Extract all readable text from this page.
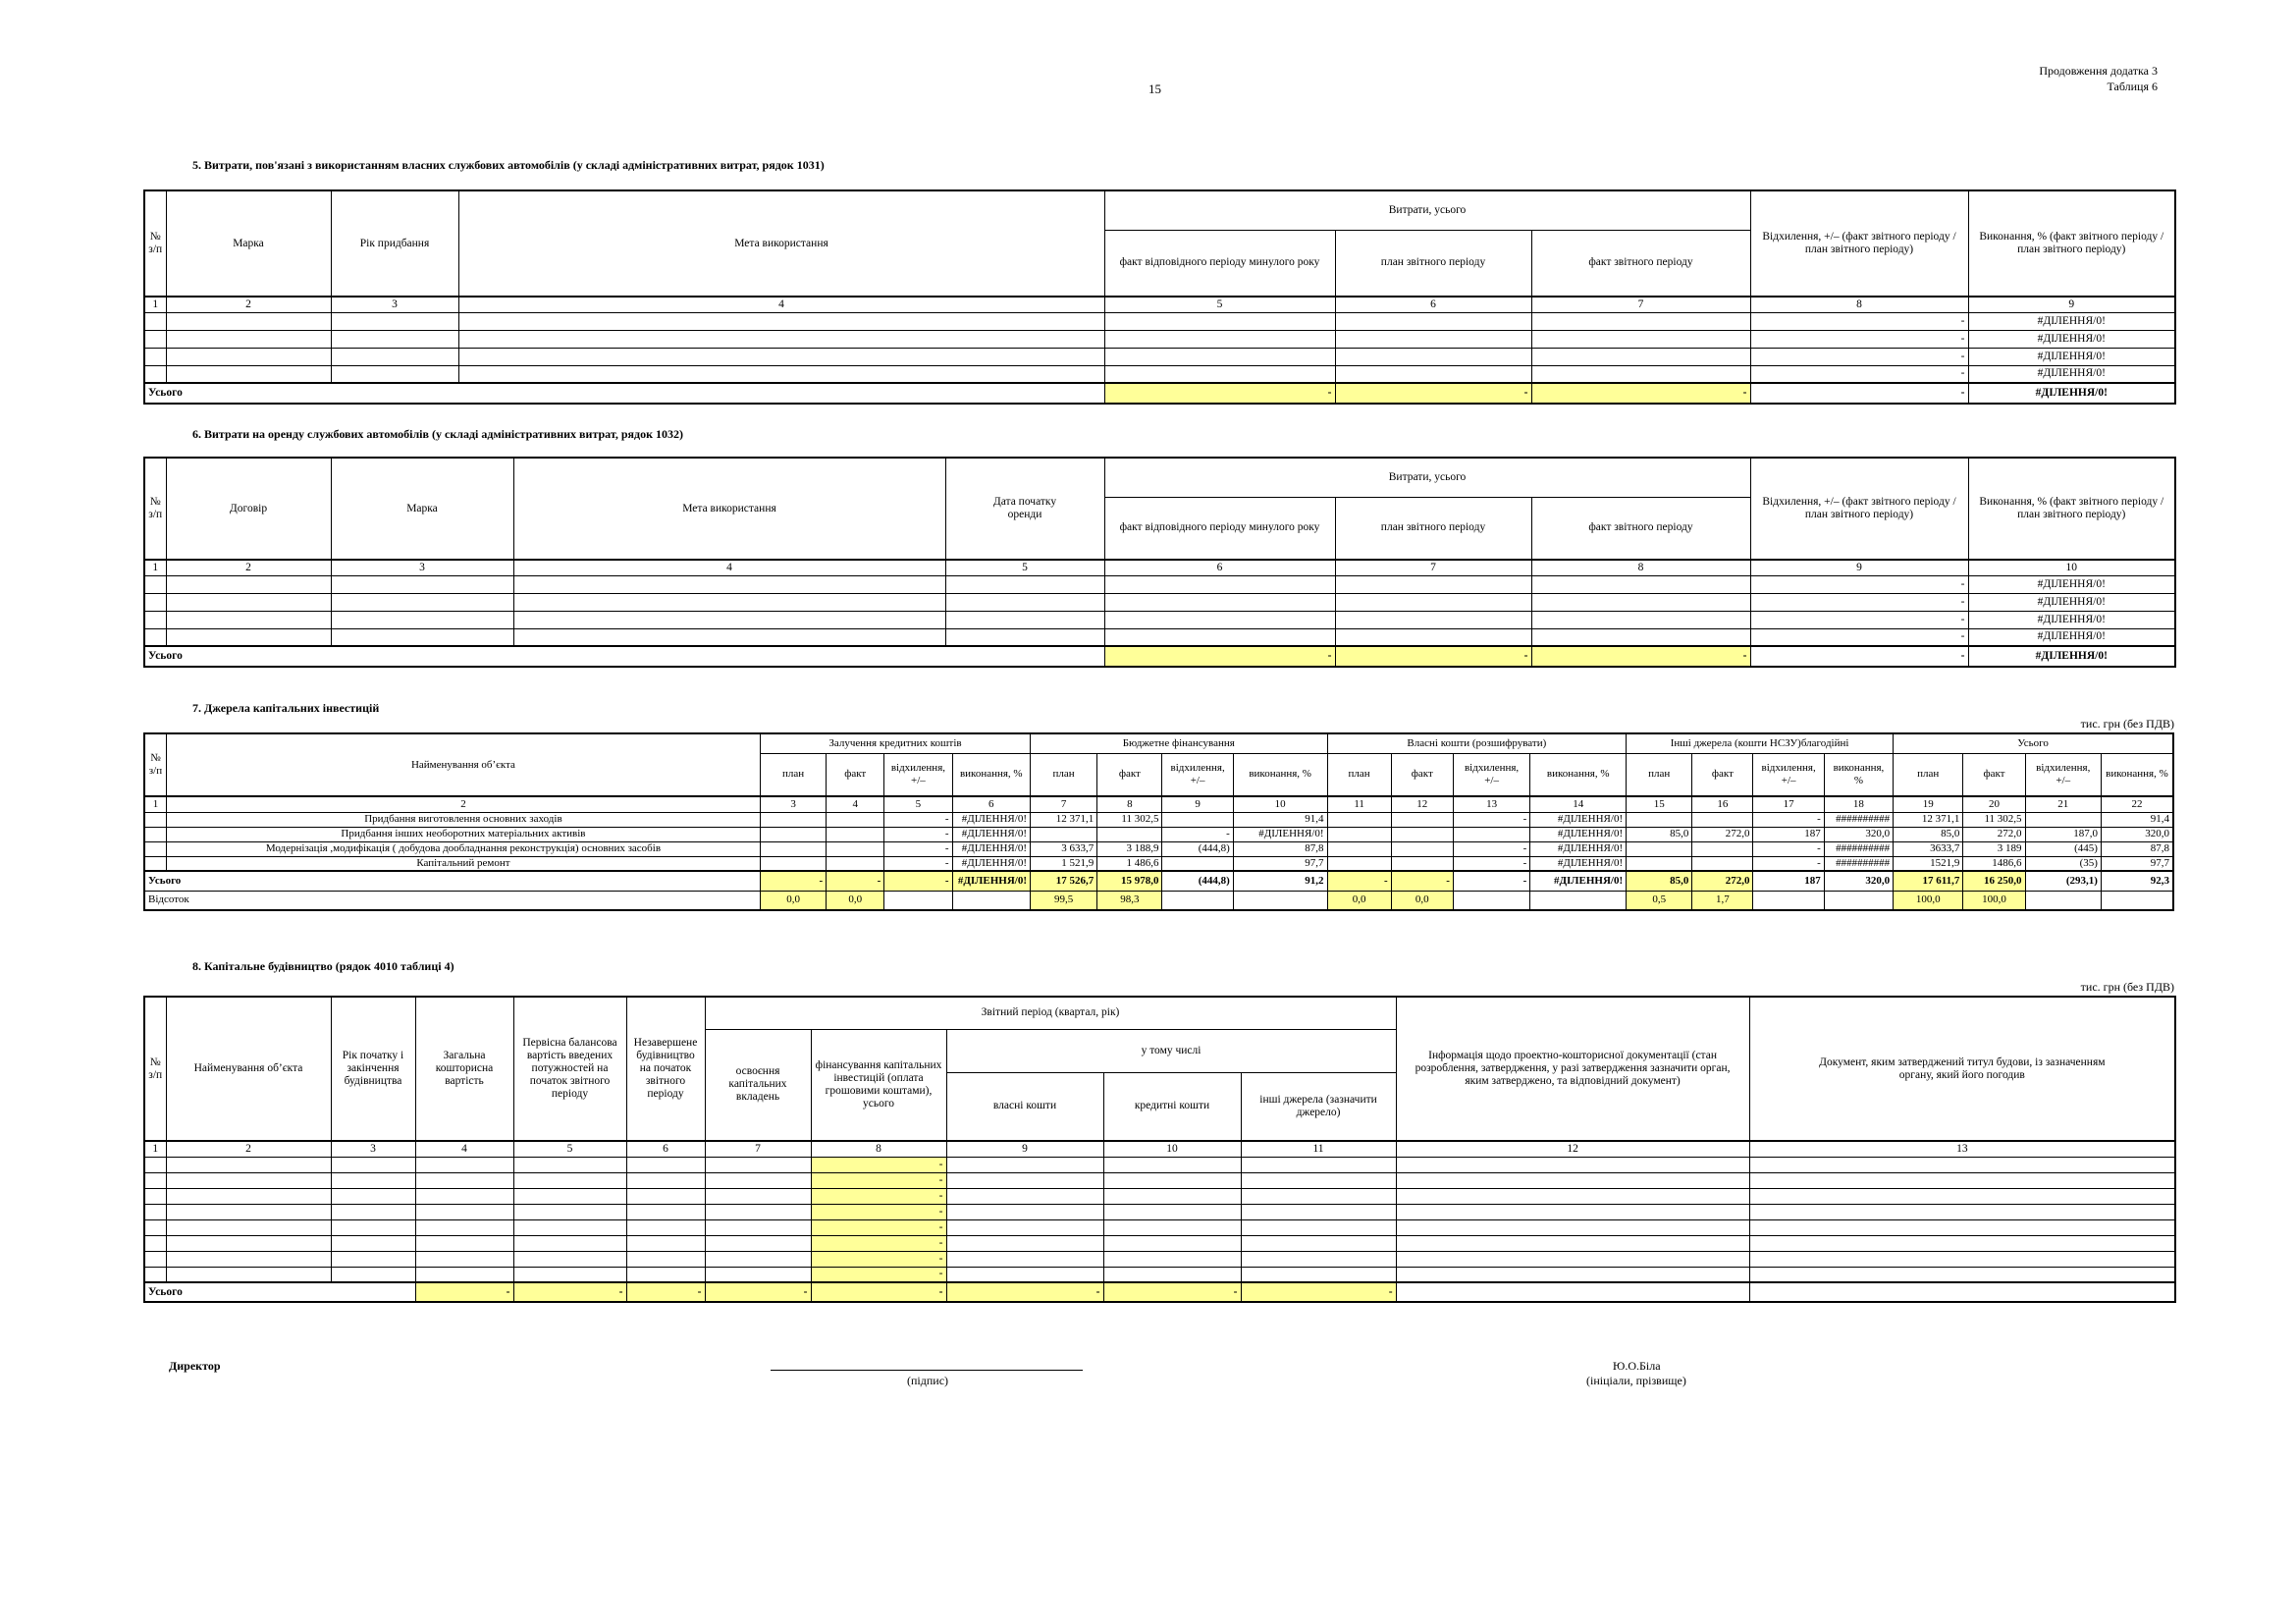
15
Продовження додатка 3
Таблиця 6
5. Витрати, пов'язані з використанням власних службових автомобілів (у складі адміністративних витрат, рядок 1031)
№ з/п	Марка	Рік придбання	Мета використання	Витрати, усього			Відхилення, +/– (факт звітного періоду / план звітного періоду)	Виконання, % (факт звітного періоду / план звітного періоду)
				факт відповідного періоду минулого року	план звітного періоду	факт звітного періоду		
1	2	3	4	5	6	7	8	9
							-	#ДІЛЕННЯ/0!
							-	#ДІЛЕННЯ/0!
							-	#ДІЛЕННЯ/0!
							-	#ДІЛЕННЯ/0!
Усього				-	-	-	-	#ДІЛЕННЯ/0!
6. Витрати на оренду службових автомобілів (у складі адміністративних витрат, рядок 1032)
№ з/п	Договір	Марка	Мета використання	Дата початку оренди	Витрати, усього			Відхилення, +/– (факт звітного періоду / план звітного періоду)	Виконання, % (факт звітного періоду / план звітного періоду)
					факт відповідного періоду минулого року	план звітного періоду	факт звітного періоду		
1	2	3	4	5	6	7	8	9	10
								-	#ДІЛЕННЯ/0!
								-	#ДІЛЕННЯ/0!
								-	#ДІЛЕННЯ/0!
								-	#ДІЛЕННЯ/0!
Усього					-	-	-	-	#ДІЛЕННЯ/0!
7. Джерела капітальних інвестицій
тис. грн (без ПДВ)
№ з/п	Найменування об’єкта	Залучення кредитних коштів				Бюджетне фінансування				Власні кошти (розшифрувати)				Інші джерела (кошти НСЗУ)благодійні				Усього			
		план	факт	відхилення, +/–	виконання, %	план	факт	відхилення, +/–	виконання, %	план	факт	відхилення, +/–	виконання, %	план	факт	відхилення, +/–	виконання, %	план	факт	відхилення, +/–	виконання, %
1	2	3	4	5	6	7	8	9	10	11	12	13	14	15	16	17	18	19	20	21	22
	Придбання виготовлення основних заходів			-	#ДІЛЕННЯ/0!	12 371,1	11 302,5		91,4			-	#ДІЛЕННЯ/0!			-	##########	12 371,1	11 302,5		91,4
	Придбання інших необоротних матеріальних активів			-	#ДІЛЕННЯ/0!			-	#ДІЛЕННЯ/0!				#ДІЛЕННЯ/0!	85,0	272,0	187	320,0	85,0	272,0	187,0	320,0
	Модернізація ,модифікація ( добудова дообладнання реконструкція) основних засобів			-	#ДІЛЕННЯ/0!	3 633,7	3 188,9	(444,8)	87,8			-	#ДІЛЕННЯ/0!			-	##########	3633,7	3 189	(445)	87,8
	Капітальний ремонт			-	#ДІЛЕННЯ/0!	1 521,9	1 486,6		97,7			-	#ДІЛЕННЯ/0!			-	##########	1521,9	1486,6	(35)	97,7
Усього		-	-	-	#ДІЛЕННЯ/0!	17 526,7	15 978,0	(444,8)	91,2	-	-	-	#ДІЛЕННЯ/0!	85,0	272,0	187	320,0	17 611,7	16 250,0	(293,1)	92,3
Відсоток		0,0	0,0			99,5	98,3			0,0	0,0			0,5	1,7			100,0	100,0		
8. Капітальне будівництво (рядок 4010 таблиці 4)
тис. грн (без ПДВ)
№ з/п	Найменування об’єкта	Рік початку і закінчення будівництва	Загальна кошторисна вартість	Первісна балансова вартість введених потужностей на початок звітного періоду	Незавершене будівництво на початок звітного періоду	Звітний період (квартал, рік)					Інформація щодо проектно-кошторисної документації (стан розроблення, затвердження, у разі затвердження зазначити орган, яким затверджено, та відповідний документ)	Документ, яким затверджений титул будови, із зазначенням органу, який його погодив
						освоєння капітальних вкладень	фінансування капітальних інвестицій (оплата грошовими коштами), усього	у тому числі				
								власні кошти	кредитні кошти	інші джерела (зазначити джерело)		
1	2	3	4	5	6	7	8	9	10	11	12	13
							-					
							-					
							-					
							-					
							-					
							-					
							-					
							-					
Усього			-	-	-	-	-	-	-	-		
Директор
(підпис)
Ю.О.Біла
(ініціали, прізвище)
